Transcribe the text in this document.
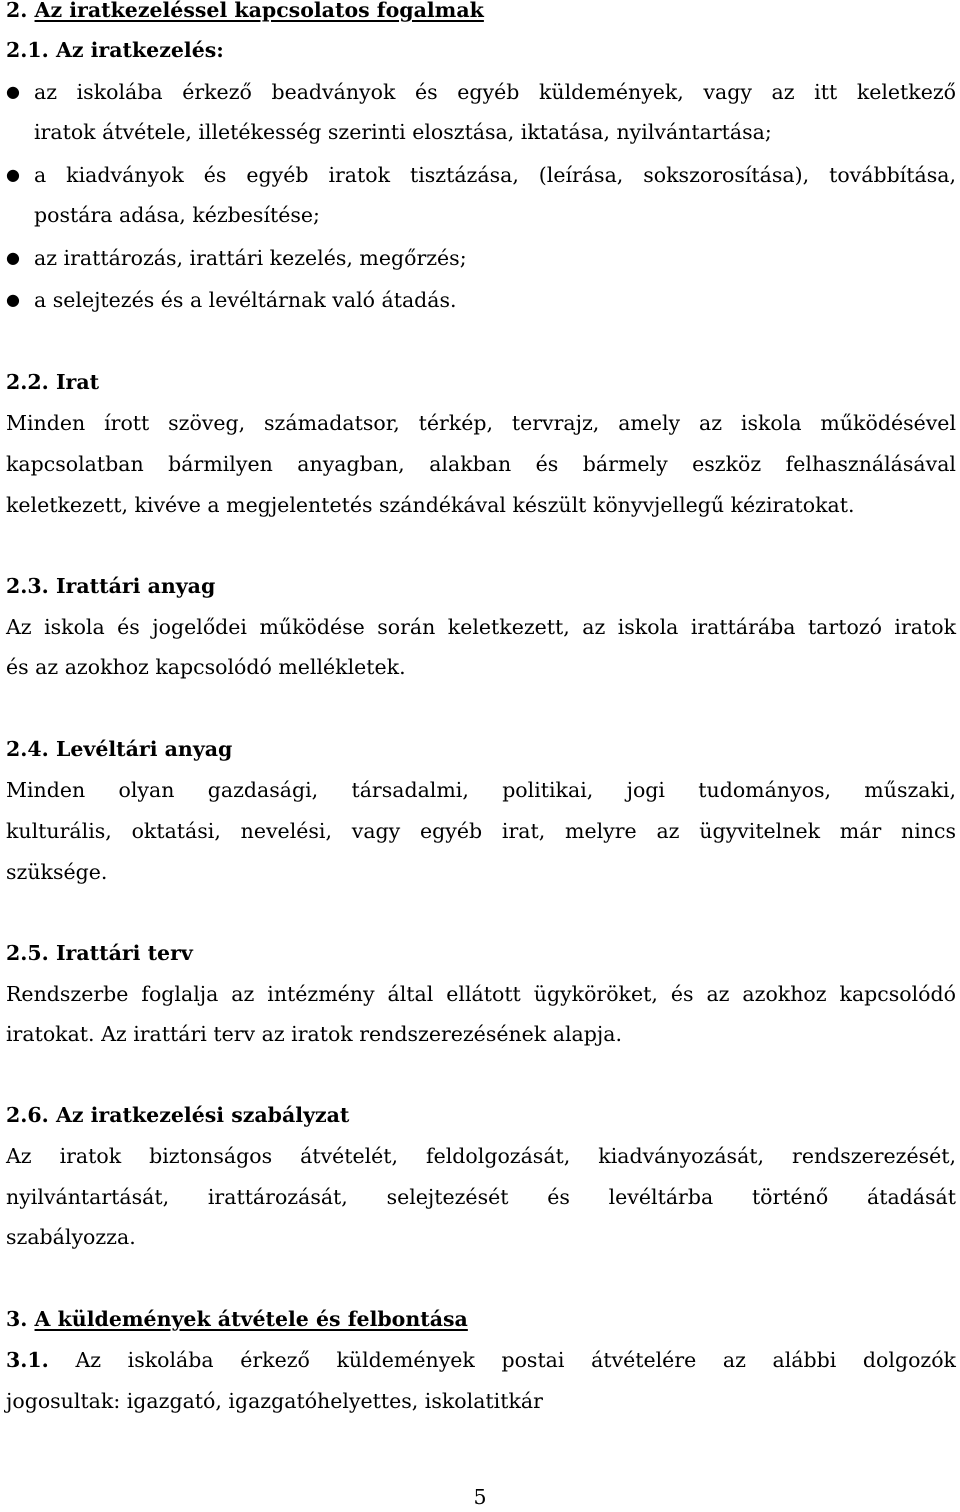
2. Az iratkezeléssel kapcsolatos fogalmak
2.1. Az iratkezelés:
● az iskolába érkező beadványok és egyéb küldemények, vagy az itt keletkező
iratok átvétele, illetékesség szerinti elosztása, iktatása, nyilvántartása;
● a kiadványok és egyéb iratok tisztázása, (leírása, sokszorosítása), továbbítása,
postára adása, kézbesítése;
● az irattározás, irattári kezelés, megőrzés;
● a selejtezés és a levéltárnak való átadás.
2.2. Irat
Minden írott szöveg, számadatsor, térkép, tervrajz, amely az iskola működésével
kapcsolatban bármilyen anyagban, alakban és bármely eszköz felhasználásával
keletkezett, kivéve a megjelentetés szándékával készült könyvjellegű kéziratokat.
2.3. Irattári anyag
Az iskola és jogelődei működése során keletkezett, az iskola irattárába tartozó iratok
és az azokhoz kapcsolódó mellékletek.
2.4. Levéltári anyag
Minden olyan gazdasági, társadalmi, politikai, jogi tudományos, műszaki,
kulturális, oktatási, nevelési, vagy egyéb irat, melyre az ügyvitelnek már nincs
szüksége.
2.5. Irattári terv
Rendszerbe foglalja az intézmény által ellátott ügyköröket, és az azokhoz kapcsolódó
iratokat. Az irattári terv az iratok rendszerezésének alapja.
2.6. Az iratkezelési szabályzat
Az iratok biztonságos átvételét, feldolgozását, kiadványozását, rendszerezését,
nyilvántartását, irattározását, selejtezését és levéltárba történő átadását
szabályozza.
3. A küldemények átvétele és felbontása
3.1. Az iskolába érkező küldemények postai átvételére az alábbi dolgozók
jogosultak: igazgató, igazgatóhelyettes, iskolatitkár
5
